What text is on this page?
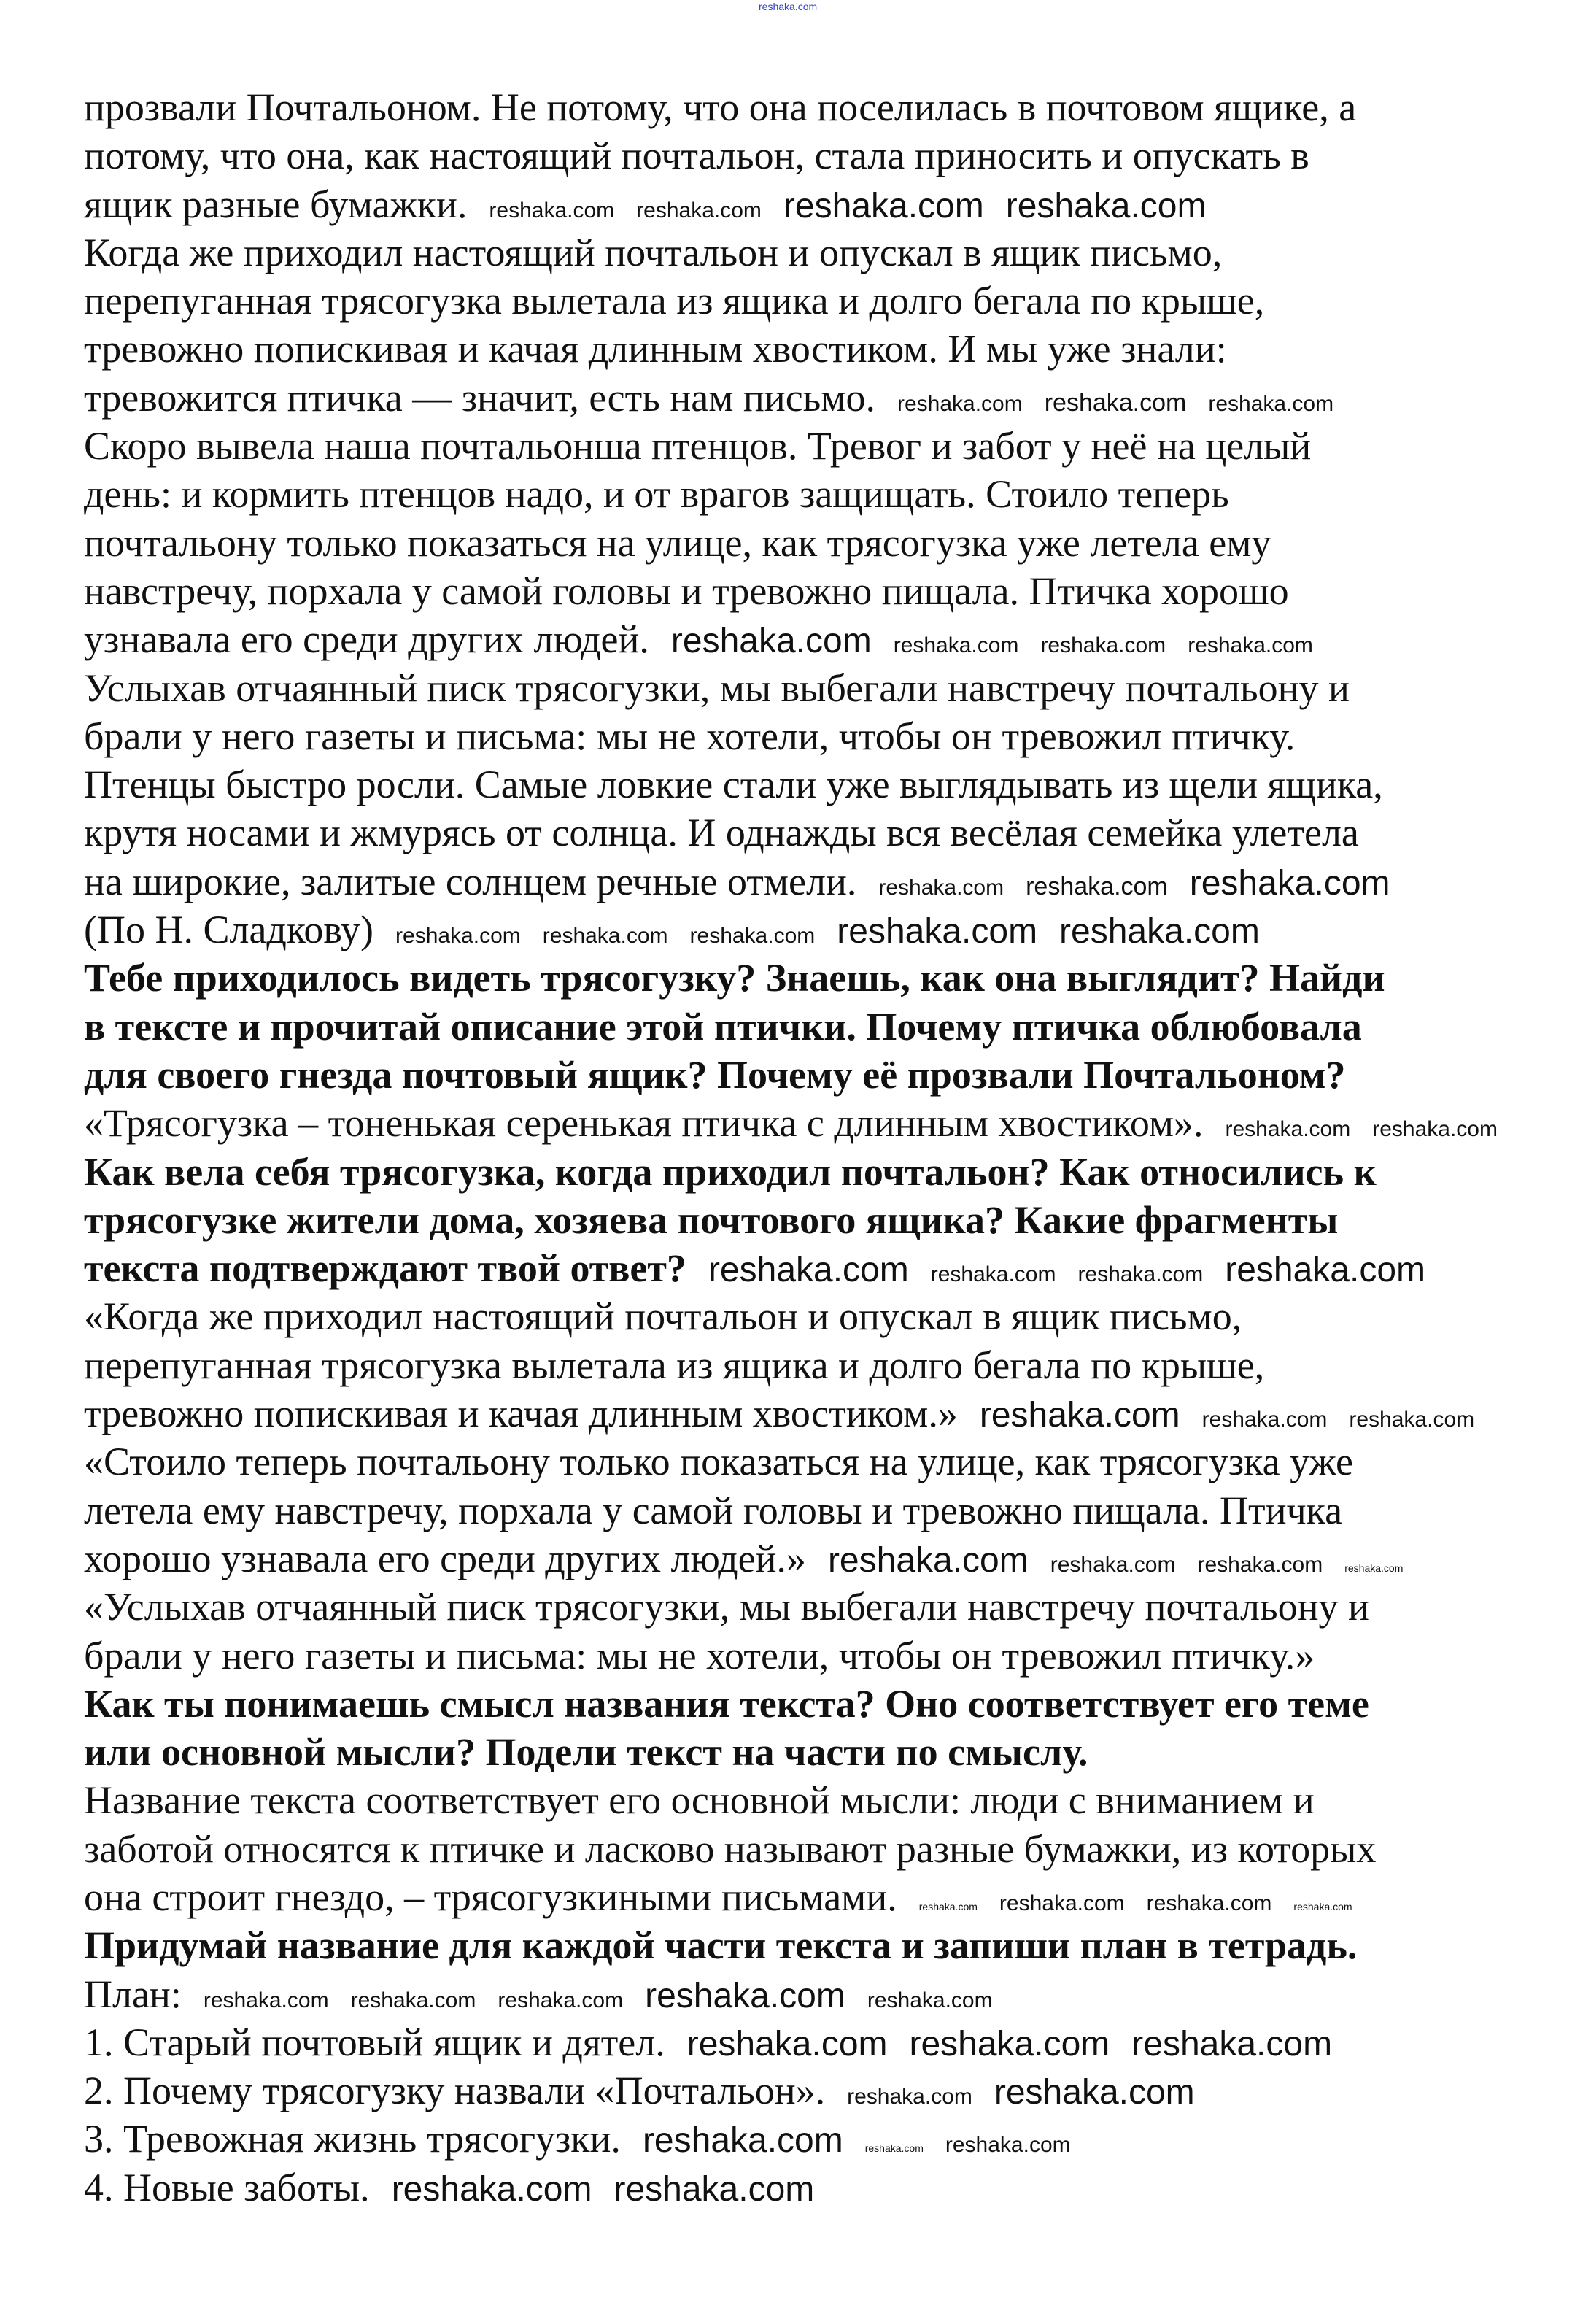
reshaka.com
прозвали Почтальоном. Не потому, что она поселилась в почтовом ящике, а
потому, что она, как настоящий почтальон, стала приносить и опускать в
ящик разные бумажки. reshaka.com reshaka.com reshaka.com reshaka.com
Когда же приходил настоящий почтальон и опускал в ящик письмо,
перепуганная трясогузка вылетала из ящика и долго бегала по крыше,
тревожно попискивая и качая длинным хвостиком. И мы уже знали:
тревожится птичка — значит, есть нам письмо. reshaka.com reshaka.com reshaka.com
Скоро вывела наша почтальонша птенцов. Тревог и забот у неё на целый
день: и кормить птенцов надо, и от врагов защищать. Стоило теперь
почтальону только показаться на улице, как трясогузка уже летела ему
навстречу, порхала у самой головы и тревожно пищала. Птичка хорошо
узнавала его среди других людей. reshaka.com reshaka.com reshaka.com reshaka.com
Услыхав отчаянный писк трясогузки, мы выбегали навстречу почтальону и
брали у него газеты и письма: мы не хотели, чтобы он тревожил птичку.
Птенцы быстро росли. Самые ловкие стали уже выглядывать из щели ящика,
крутя носами и жмурясь от солнца. И однажды вся весёлая семейка улетела
на широкие, залитые солнцем речные отмели. reshaka.com reshaka.com reshaka.com
(По Н. Сладкову) reshaka.com reshaka.com reshaka.com reshaka.com reshaka.com
Тебе приходилось видеть трясогузку? Знаешь, как она выглядит? Найди
в тексте и прочитай описание этой птички. Почему птичка облюбовала
для своего гнезда почтовый ящик? Почему её прозвали Почтальоном?
«Трясогузка – тоненькая серенькая птичка с длинным хвостиком». reshaka.com reshaka.com
Как вела себя трясогузка, когда приходил почтальон? Как относились к
трясогузке жители дома, хозяева почтового ящика? Какие фрагменты
текста подтверждают твой ответ? reshaka.com reshaka.com reshaka.com reshaka.com
«Когда же приходил настоящий почтальон и опускал в ящик письмо,
перепуганная трясогузка вылетала из ящика и долго бегала по крыше,
тревожно попискивая и качая длинным хвостиком.» reshaka.com reshaka.com reshaka.com
«Стоило теперь почтальону только показаться на улице, как трясогузка уже
летела ему навстречу, порхала у самой головы и тревожно пищала. Птичка
хорошо узнавала его среди других людей.» reshaka.com reshaka.com reshaka.com reshaka.com
«Услыхав отчаянный писк трясогузки, мы выбегали навстречу почтальону и
брали у него газеты и письма: мы не хотели, чтобы он тревожил птичку.»
Как ты понимаешь смысл названия текста? Оно соответствует его теме
или основной мысли? Подели текст на части по смыслу.
Название текста соответствует его основной мысли: люди с вниманием и
заботой относятся к птичке и ласково называют разные бумажки, из которых
она строит гнездо, – трясогузкиными письмами. reshaka.com reshaka.com reshaka.com reshaka.com
Придумай название для каждой части текста и запиши план в тетрадь.
План: reshaka.com reshaka.com reshaka.com reshaka.com reshaka.com
1. Старый почтовый ящик и дятел. reshaka.com reshaka.com reshaka.com
2. Почему трясогузку назвали «Почтальон». reshaka.com reshaka.com
3. Тревожная жизнь трясогузки. reshaka.com reshaka.com reshaka.com
4. Новые заботы. reshaka.com reshaka.com
